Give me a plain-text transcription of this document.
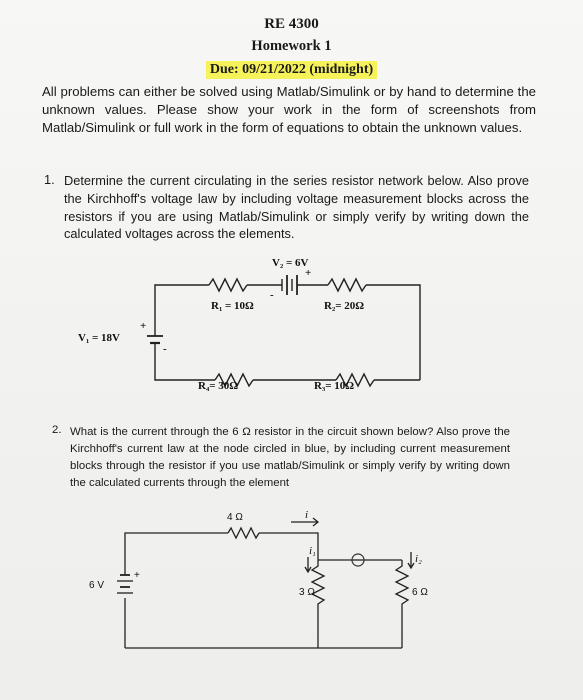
RE 4300
Homework 1
Due: 09/21/2022 (midnight)
All problems can either be solved using Matlab/Simulink or by hand to determine the unknown values. Please show your work in the form of screenshots from Matlab/Simulink or full work in the form of equations to obtain the unknown values.
1. Determine the current circulating in the series resistor network below. Also prove the Kirchhoff's voltage law by including voltage measurement blocks across the resistors if you are using Matlab/Simulink or simply verify by writing down the calculated voltages across the elements.
V₂ = 6V
+
-
R₁ = 10Ω	R₂= 20Ω
V₁ = 18V
+
-
R₄= 30Ω	R₃= 10Ω
2. What is the current through the 6 Ω resistor in the circuit shown below? Also prove the Kirchhoff's current law at the node circled in blue, by including current measurement blocks through the resistor if you use matlab/Simulink or simply verify by writing down the calculated currents through the element
4 Ω	i
i₁
i₂
3 Ω	6 Ω
6 V
+
